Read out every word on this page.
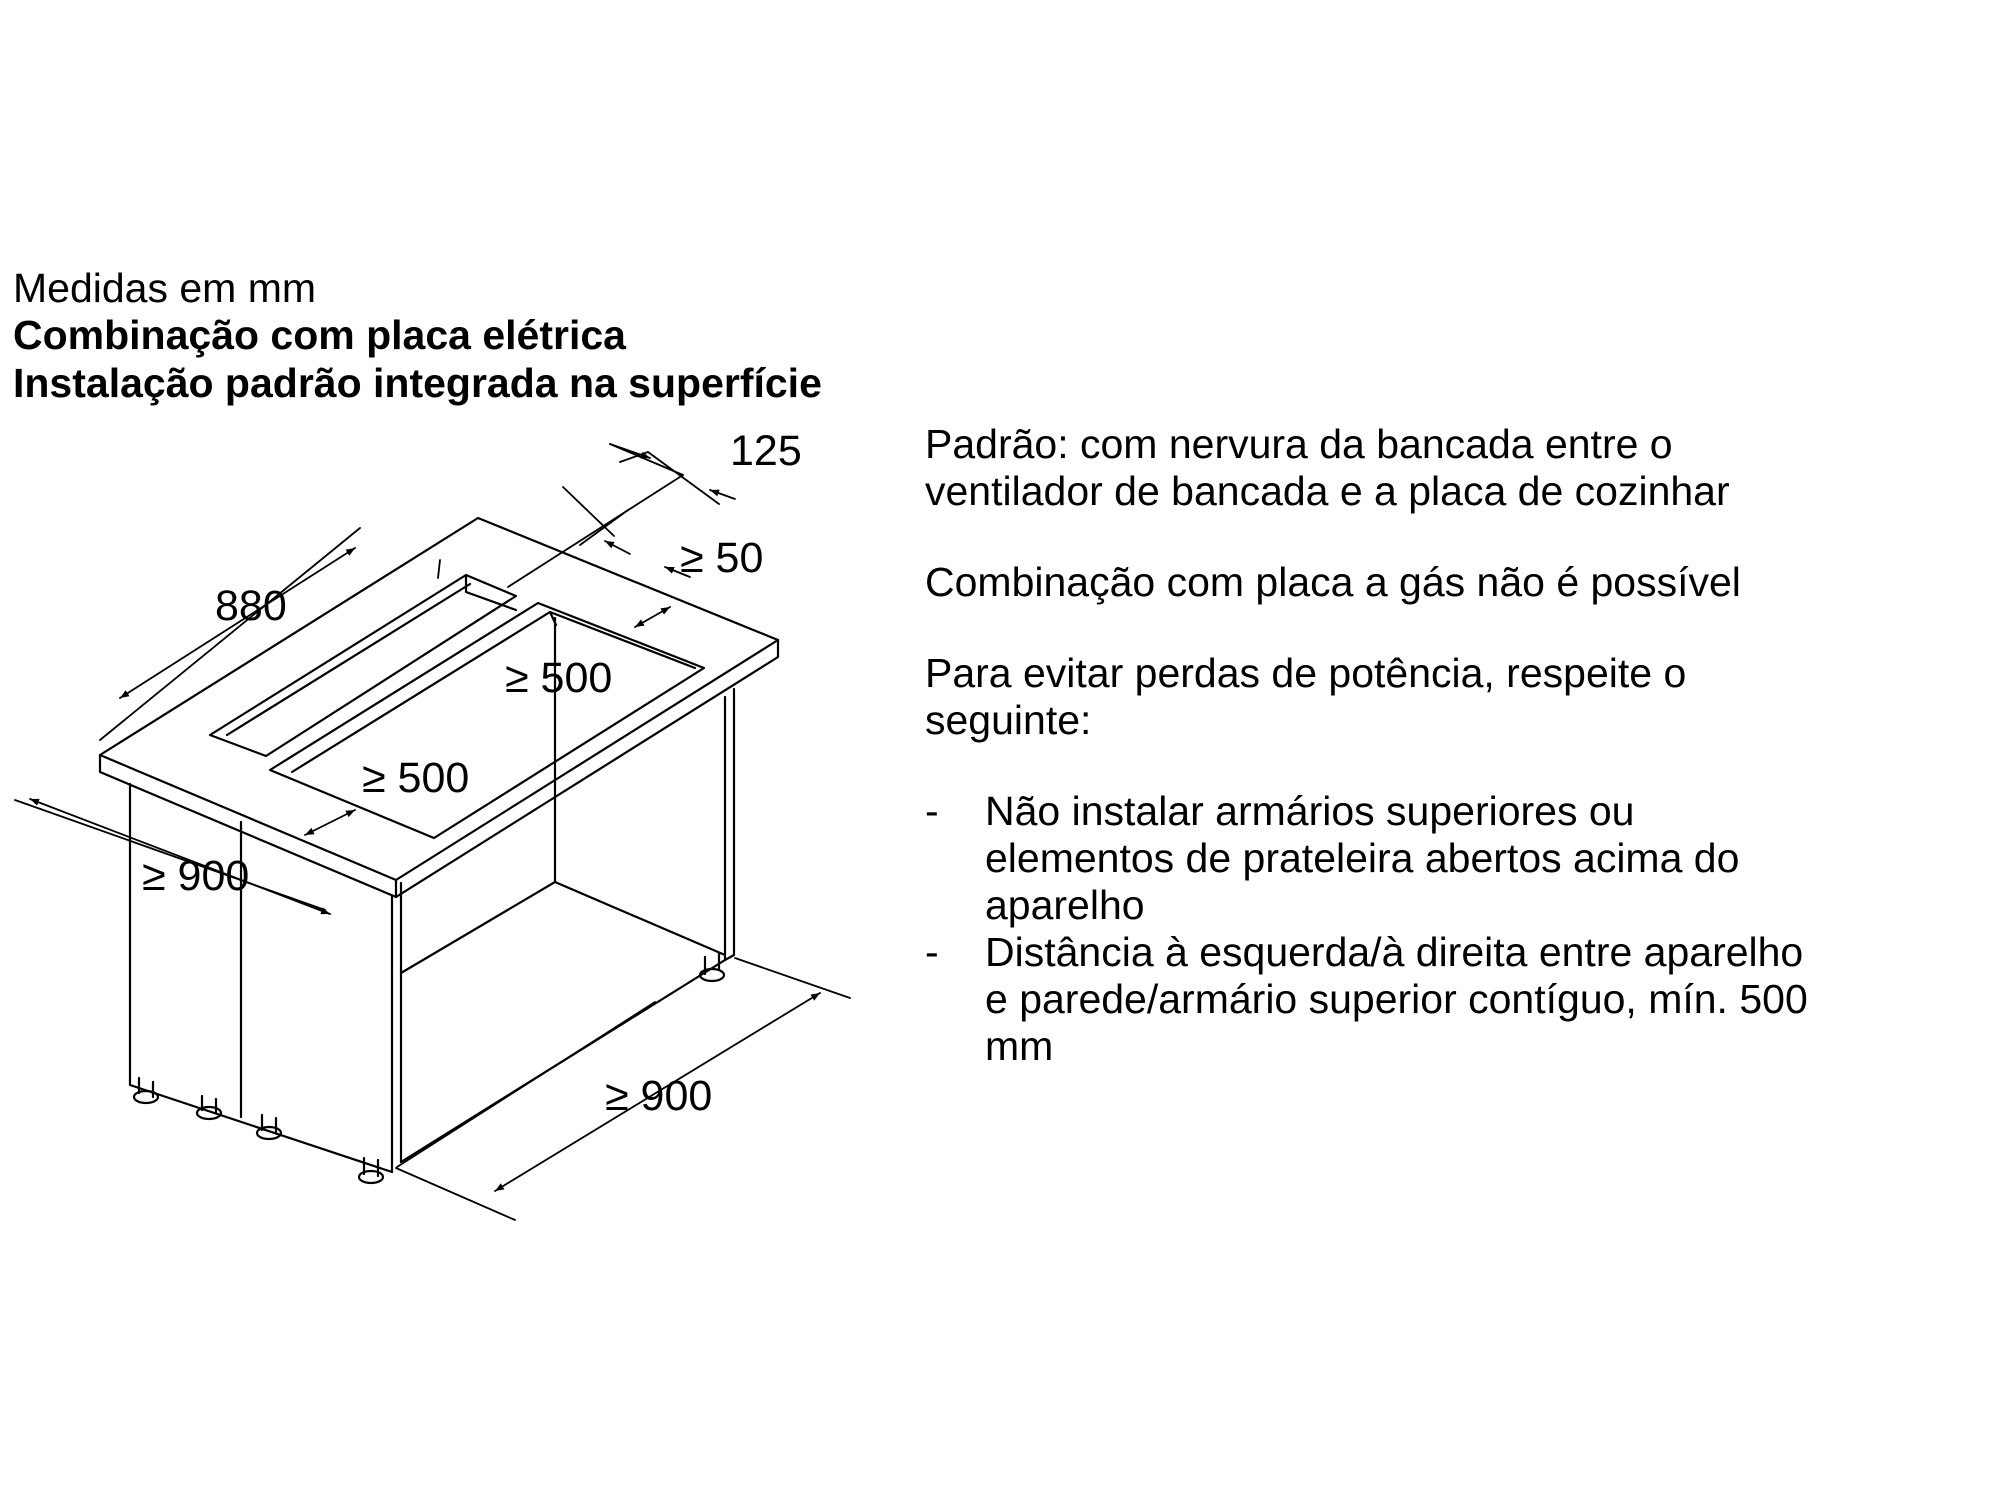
Medidas em mm
Combinação com placa elétrica
Instalação padrão integrada na superfície
125
≥ 50
880
≥ 500
≥ 500
≥ 900
≥ 900

Padrão: com nervura da bancada entre o

ventilador de bancada e a placa de cozinhar

Combinação com placa a gás não é possível

Para evitar perdas de potência, respeite o

seguinte:

- Não instalar armários superiores ou

elementos de prateleira abertos acima do

aparelho

- Distância à esquerda/à direita entre aparelho

e parede/armário superior contíguo, mín. 500

mm
